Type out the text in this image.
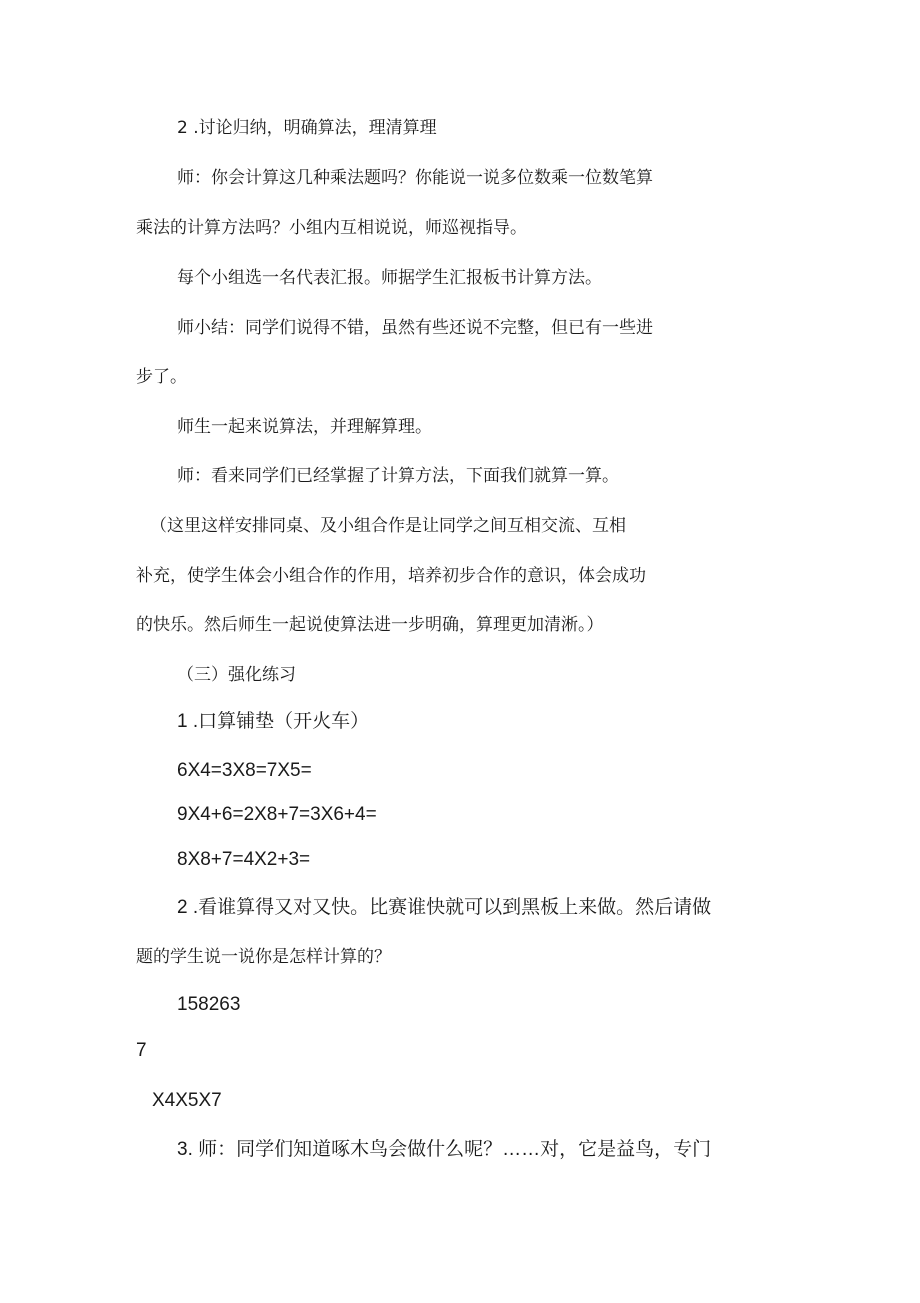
2 .讨论归纳，明确算法，理清算理
师：你会计算这几种乘法题吗？你能说一说多位数乘一位数笔算
乘法的计算方法吗？小组内互相说说，师巡视指导。
每个小组选一名代表汇报。师据学生汇报板书计算方法。
师小结：同学们说得不错，虽然有些还说不完整，但已有一些进
步了。
师生一起来说算法，并理解算理。
师：看来同学们已经掌握了计算方法，下面我们就算一算。
（这里这样安排同桌、及小组合作是让同学之间互相交流、互相
补充，使学生体会小组合作的作用，培养初步合作的意识，体会成功
的快乐。然后师生一起说使算法进一步明确，算理更加清淅。）
（三）强化练习
1 .口算铺垫（开火车）
6X4=3X8=7X5=
9X4+6=2X8+7=3X6+4=
8X8+7=4X2+3=
2 .看谁算得又对又快。比赛谁快就可以到黑板上来做。然后请做
题的学生说一说你是怎样计算的？
158263
7
X4X5X7
3. 师：同学们知道啄木鸟会做什么呢？……对，它是益鸟，专门
